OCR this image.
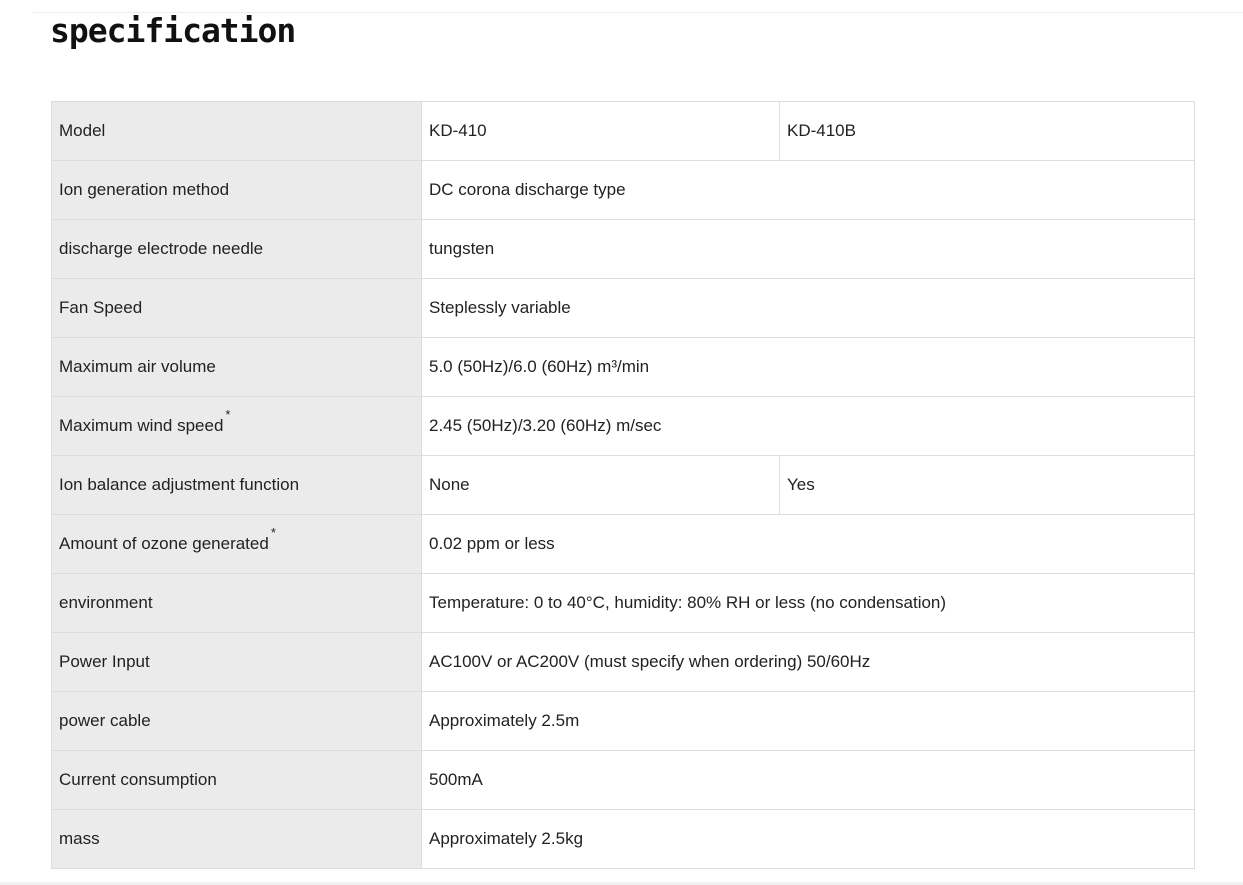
specification
Model	KD-410	KD-410B
Ion generation method	DC corona discharge type	
discharge electrode needle	tungsten	
Fan Speed	Steplessly variable	
Maximum air volume	5.0 (50Hz)/6.0 (60Hz) m³/min	
Maximum wind speed*	2.45 (50Hz)/3.20 (60Hz) m/sec	
Ion balance adjustment function	None	Yes
Amount of ozone generated*	0.02 ppm or less	
environment	Temperature: 0 to 40°C, humidity: 80% RH or less (no condensation)	
Power Input	AC100V or AC200V (must specify when ordering) 50/60Hz	
power cable	Approximately 2.5m	
Current consumption	500mA	
mass	Approximately 2.5kg	
